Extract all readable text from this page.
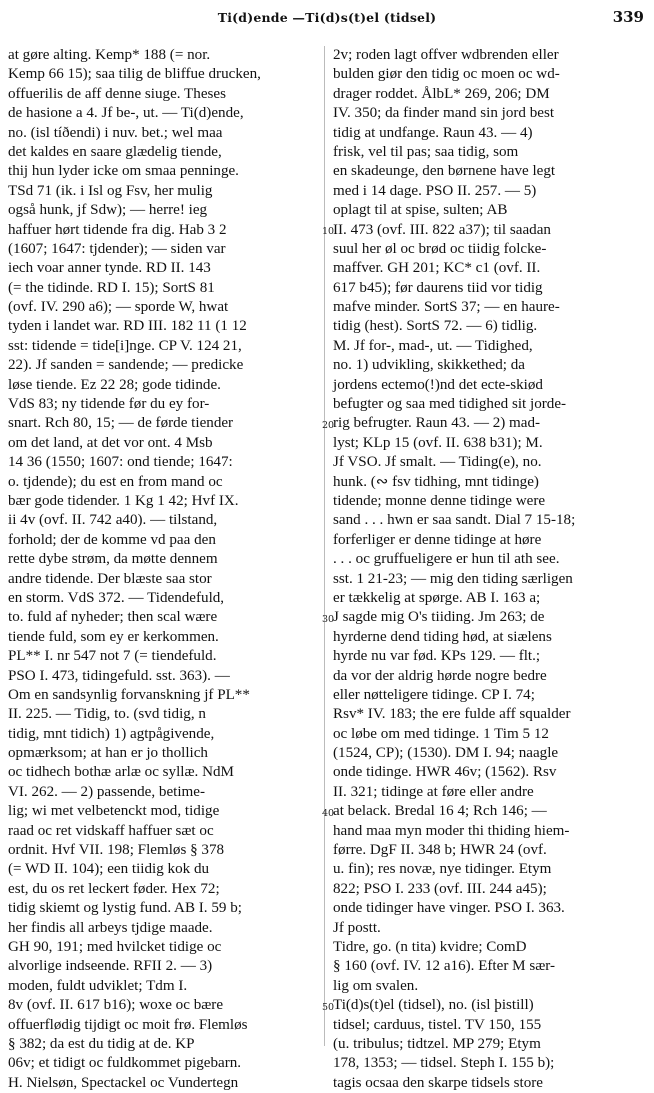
Ti(d)ende —Ti(d)s(t)el (tidsel)	339
at gøre alting. Kemp* 188 (= nor.
Kemp 66 15); saa tilig de bliffue drucken,
offuerilis de aff denne siuge. Theses
de hasione a 4. Jf be-, ut. — Ti(d)ende,
no. (isl tíðendi) i nuv. bet.; wel maa
det kaldes en saare glædelig tiende,
thij hun lyder icke om smaa penninge.
TSd 71 (ik. i Isl og Fsv, her mulig
også hunk, jf Sdw); — herre! ieg
haffuer hørt tidende fra dig. Hab 3 2
(1607; 1647: tjdender); — siden var
iech voar anner tynde. RD II. 143
(= the tidinde. RD I. 15); SortS 81
(ovf. IV. 290 a6); — sporde W, hwat
tyden i landet war. RD III. 182 11 (1 12
sst: tidende = tide[i]nge. CP V. 124 21,
22). Jf sanden = sandende; — predicke
løse tiende. Ez 22 28; gode tidinde.
VdS 83; ny tidende før du ey for-
snart. Rch 80, 15; — de førde tiender
om det land, at det vor ont. 4 Msb
14 36 (1550; 1607: ond tiende; 1647:
o. tjdende); du est en from mand oc
bær gode tidender. 1 Kg 1 42; Hvf IX.
ii 4v (ovf. II. 742 a40). — tilstand,
forhold; der de komme vd paa den
rette dybe strøm, da møtte dennem
andre tidende. Der blæste saa stor
en storm. VdS 372. — Tidendefuld,
to. fuld af nyheder; then scal wære
tiende fuld, som ey er kerkommen.
PL** I. nr 547 not 7 (= tiendefuld.
PSO I. 473, tidingefuld. sst. 363). —
Om en sandsynlig forvanskning jf PL**
II. 225. — Tidig, to. (svd tidig, n
tidig, mnt tidich) 1) agtpågivende,
opmærksom; at han er jo thollich
oc tidhech bothæ arlæ oc syllæ. NdM
VI. 262. — 2) passende, betime-
lig; wi met velbetenckt mod, tidige
raad oc ret vidskaff haffuer sæt oc
ordnit. Hvf VII. 198; Flemløs § 378
(= WD II. 104); een tiidig kok du
est, du os ret leckert føder. Hex 72;
tidig skiemt og lystig fund. AB I. 59 b;
her findis all arbeys tjdige maade.
GH 90, 191; med hvilcket tidige oc
alvorlige indseende. RFII 2. — 3)
moden, fuldt udviklet; Tdm I.
8v (ovf. II. 617 b16); woxe oc bære
offuerflødig tijdigt oc moit frø. Flemløs
§ 382; da est du tidig at de. KP
06v; et tidigt oc fuldkommet pigebarn.
H. Nielsøn, Spectackel oc Vundertegn
2v; roden lagt offver wdbrenden eller
bulden giør den tidig oc moen oc wd-
drager roddet. ÅlbL* 269, 206; DM
IV. 350; da finder mand sin jord best
tidig at undfange. Raun 43. — 4)
frisk, vel til pas; saa tidig, som
en skadeunge, den børnene have legt
med i 14 dage. PSO II. 257. — 5)
oplagt til at spise, sulten; AB
II. 473 (ovf. III. 822 a37); til saadan
suul her øl oc brød oc tiidig folcke-
maffver. GH 201; KC* c1 (ovf. II.
617 b45); før daurens tiid vor tidig
mafve minder. SortS 37; — en haure-
tidig (hest). SortS 72. — 6) tidlig.
M. Jf for-, mad-, ut. — Tidighed,
no. 1) udvikling, skikkethed; da
jordens ectemo(!)nd det ecte-skiød
befugter og saa med tidighed sit jorde-
rig befrugter. Raun 43. — 2) mad-
lyst; KLp 15 (ovf. II. 638 b31); M.
Jf VSO. Jf smalt. — Tiding(e), no.
hunk. (∾ fsv tidhing, mnt tidinge)
tidende; monne denne tidinge were
sand . . . hwn er saa sandt. Dial 7 15-18;
forferliger er denne tidinge at høre
. . . oc gruffueligere er hun til ath see.
sst. 1 21-23; — mig den tiding særligen
er tækkelig at spørge. AB I. 163 a;
J sagde mig O's tiiding. Jm 263; de
hyrderne dend tiding hød, at siælens
hyrde nu var fød. KPs 129. — flt.;
da vor der aldrig hørde nogre bedre
eller nøtteligere tidinge. CP I. 74;
Rsv* IV. 183; the ere fulde aff squalder
oc løbe om med tidinge. 1 Tim 5 12
(1524, CP); (1530). DM I. 94; naagle
onde tidinge. HWR 46v; (1562). Rsv
II. 321; tidinge at føre eller andre
at belack. Bredal 16 4; Rch 146; —
hand maa myn moder thi thiding hiem-
førre. DgF II. 348 b; HWR 24 (ovf.
u. fin); res novæ, nye tidinger. Etym
822; PSO I. 233 (ovf. III. 244 a45);
onde tidinger have vinger. PSO I. 363.
Jf postt.
Tidre, go. (n tita) kvidre; ComD
§ 160 (ovf. IV. 12 a16). Efter M sær-
lig om svalen.
Ti(d)s(t)el (tidsel), no. (isl þistill)
tidsel; carduus, tistel. TV 150, 155
(u. tribulus; tidtzel. MP 279; Etym
178, 1353; — tidsel. Steph I. 155 b);
tagis ocsaa den skarpe tidsels store
10
20
30
40
50
